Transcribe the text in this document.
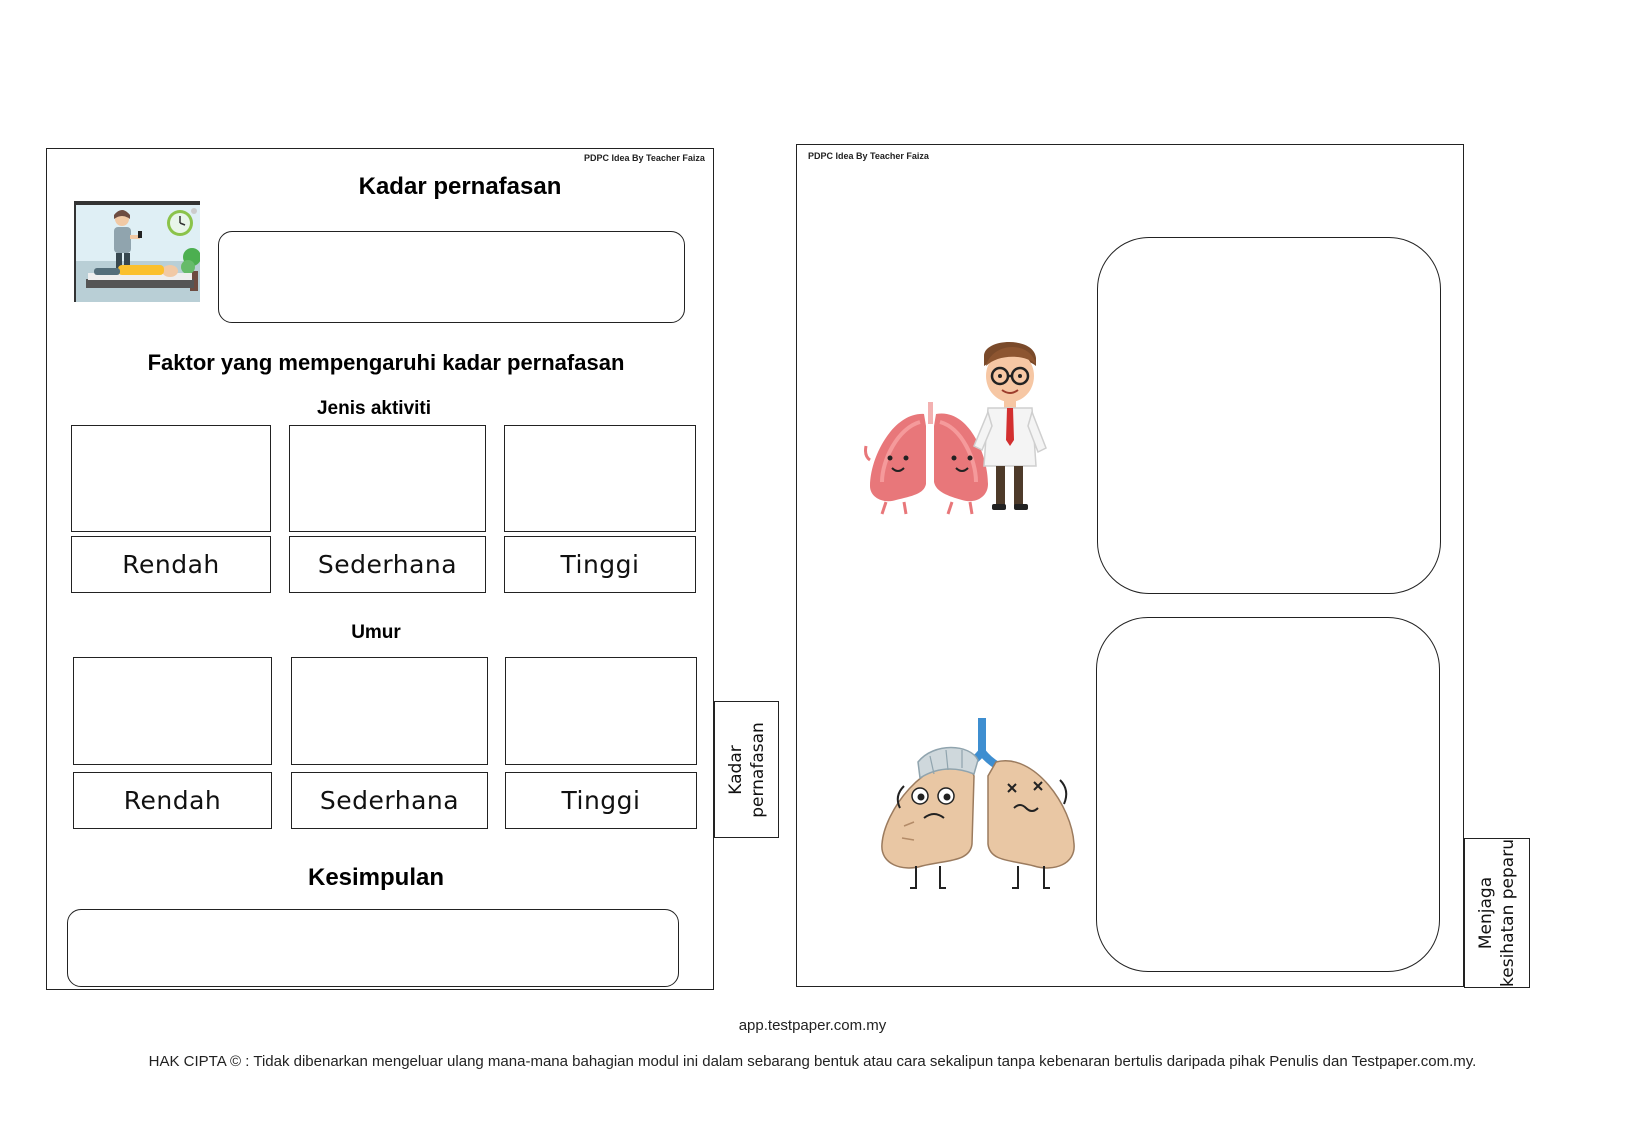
PDPC Idea By Teacher Faiza
Kadar pernafasan
Faktor yang mempengaruhi kadar pernafasan
Jenis aktiviti
Rendah	Sederhana	Tinggi
Umur
Rendah	Sederhana	Tinggi
Kesimpulan
Kadar pernafasan
PDPC Idea By Teacher Faiza
Menjaga kesihatan peparu
app.testpaper.com.my
HAK CIPTA © : Tidak dibenarkan mengeluar ulang mana-mana bahagian modul ini dalam sebarang bentuk atau cara sekalipun tanpa kebenaran bertulis daripada pihak Penulis dan Testpaper.com.my.
